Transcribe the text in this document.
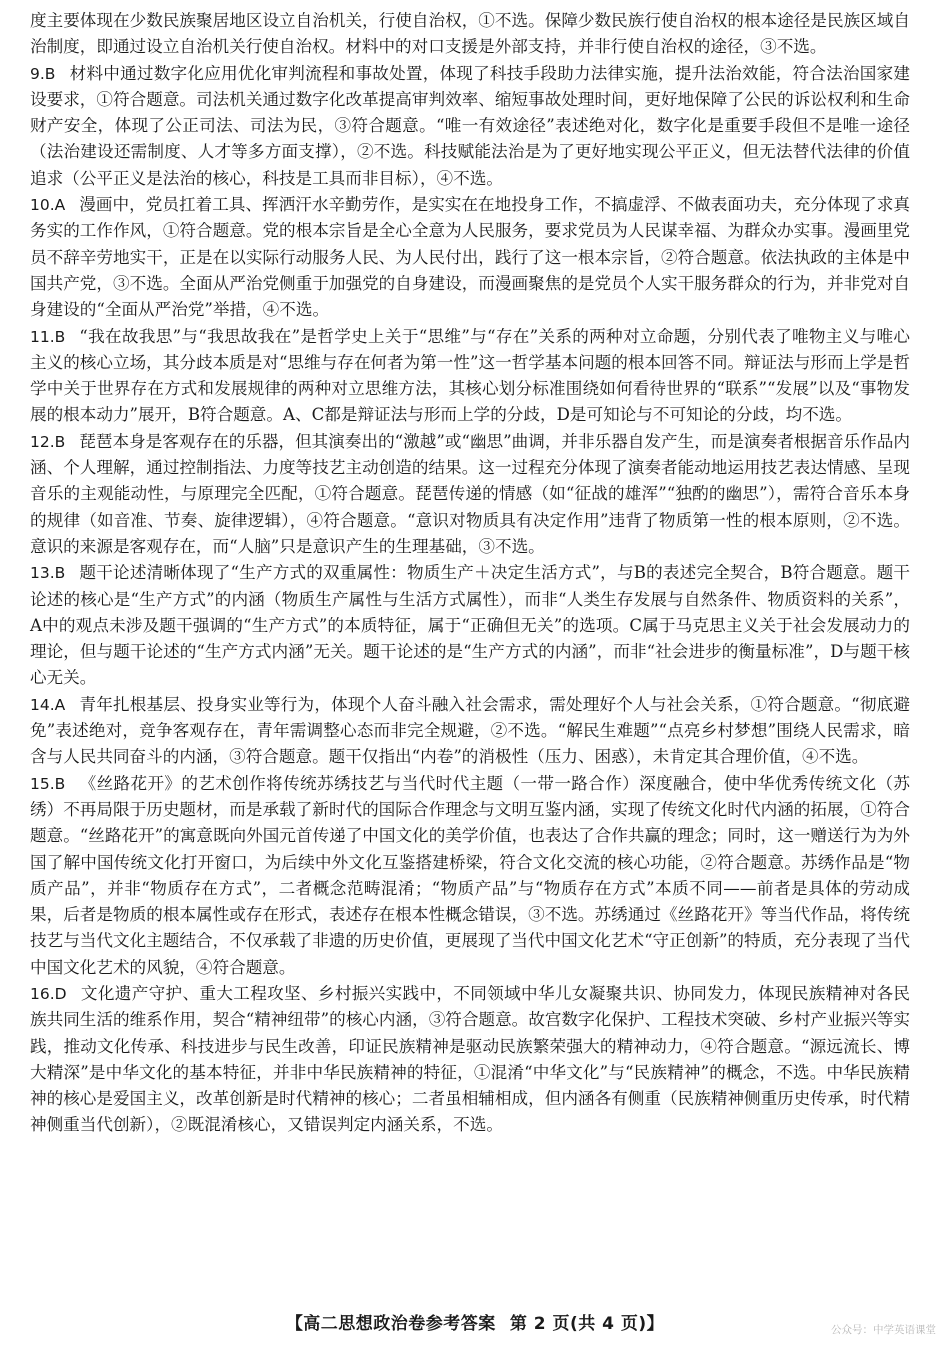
度主要体现在少数民族聚居地区设立自治机关，行使自治权，①不选。保障少数民族行使自治权的根本途径是民族区域自治制度，即通过设立自治机关行使自治权。材料中的对口支援是外部支持，并非行使自治权的途径，③不选。

9.B 材料中通过数字化应用优化审判流程和事故处置，体现了科技手段助力法律实施，提升法治效能，符合法治国家建设要求，①符合题意。司法机关通过数字化改革提高审判效率、缩短事故处理时间，更好地保障了公民的诉讼权利和生命财产安全，体现了公正司法、司法为民，③符合题意。“唯一有效途径”表述绝对化，数字化是重要手段但不是唯一途径（法治建设还需制度、人才等多方面支撑），②不选。科技赋能法治是为了更好地实现公平正义，但无法替代法律的价值追求（公平正义是法治的核心，科技是工具而非目标），④不选。

10.A 漫画中，党员扛着工具、挥洒汗水辛勤劳作，是实实在在地投身工作，不搞虚浮、不做表面功夫，充分体现了求真务实的工作作风，①符合题意。党的根本宗旨是全心全意为人民服务，要求党员为人民谋幸福、为群众办实事。漫画里党员不辞辛劳地实干，正是在以实际行动服务人民、为人民付出，践行了这一根本宗旨，②符合题意。依法执政的主体是中国共产党，③不选。全面从严治党侧重于加强党的自身建设，而漫画聚焦的是党员个人实干服务群众的行为，并非党对自身建设的“全面从严治党”举措，④不选。

11.B “我在故我思”与“我思故我在”是哲学史上关于“思维”与“存在”关系的两种对立命题，分别代表了唯物主义与唯心主义的核心立场，其分歧本质是对“思维与存在何者为第一性”这一哲学基本问题的根本回答不同。辩证法与形而上学是哲学中关于世界存在方式和发展规律的两种对立思维方法，其核心划分标准围绕如何看待世界的“联系”“发展”以及“事物发展的根本动力”展开，B符合题意。A、C都是辩证法与形而上学的分歧，D是可知论与不可知论的分歧，均不选。

12.B 琵琶本身是客观存在的乐器，但其演奏出的“激越”或“幽思”曲调，并非乐器自发产生，而是演奏者根据音乐作品内涵、个人理解，通过控制指法、力度等技艺主动创造的结果。这一过程充分体现了演奏者能动地运用技艺表达情感、呈现音乐的主观能动性，与原理完全匹配，①符合题意。琵琶传递的情感（如“征战的雄浑”“独酌的幽思”），需符合音乐本身的规律（如音准、节奏、旋律逻辑），④符合题意。“意识对物质具有决定作用”违背了物质第一性的根本原则，②不选。意识的来源是客观存在，而“人脑”只是意识产生的生理基础，③不选。

13.B 题干论述清晰体现了“生产方式的双重属性：物质生产＋决定生活方式”，与B的表述完全契合，B符合题意。题干论述的核心是“生产方式”的内涵（物质生产属性与生活方式属性），而非“人类生存发展与自然条件、物质资料的关系”，A中的观点未涉及题干强调的“生产方式”的本质特征，属于“正确但无关”的选项。C属于马克思主义关于社会发展动力的理论，但与题干论述的“生产方式内涵”无关。题干论述的是“生产方式的内涵”，而非“社会进步的衡量标准”，D与题干核心无关。

14.A 青年扎根基层、投身实业等行为，体现个人奋斗融入社会需求，需处理好个人与社会关系，①符合题意。“彻底避免”表述绝对，竞争客观存在，青年需调整心态而非完全规避，②不选。“解民生难题”“点亮乡村梦想”围绕人民需求，暗含与人民共同奋斗的内涵，③符合题意。题干仅指出“内卷”的消极性（压力、困惑），未肯定其合理价值，④不选。

15.B 《丝路花开》的艺术创作将传统苏绣技艺与当代时代主题（一带一路合作）深度融合，使中华优秀传统文化（苏绣）不再局限于历史题材，而是承载了新时代的国际合作理念与文明互鉴内涵，实现了传统文化时代内涵的拓展，①符合题意。“丝路花开”的寓意既向外国元首传递了中国文化的美学价值，也表达了合作共赢的理念；同时，这一赠送行为为外国了解中国传统文化打开窗口，为后续中外文化互鉴搭建桥梁，符合文化交流的核心功能，②符合题意。苏绣作品是“物质产品”，并非“物质存在方式”，二者概念范畴混淆；“物质产品”与“物质存在方式”本质不同——前者是具体的劳动成果，后者是物质的根本属性或存在形式，表述存在根本性概念错误，③不选。苏绣通过《丝路花开》等当代作品，将传统技艺与当代文化主题结合，不仅承载了非遗的历史价值，更展现了当代中国文化艺术“守正创新”的特质，充分表现了当代中国文化艺术的风貌，④符合题意。

16.D 文化遗产守护、重大工程攻坚、乡村振兴实践中，不同领域中华儿女凝聚共识、协同发力，体现民族精神对各民族共同生活的维系作用，契合“精神纽带”的核心内涵，③符合题意。故宫数字化保护、工程技术突破、乡村产业振兴等实践，推动文化传承、科技进步与民生改善，印证民族精神是驱动民族繁荣强大的精神动力，④符合题意。“源远流长、博大精深”是中华文化的基本特征，并非中华民族精神的特征，①混淆“中华文化”与“民族精神”的概念，不选。中华民族精神的核心是爱国主义，改革创新是时代精神的核心；二者虽相辅相成，但内涵各有侧重（民族精神侧重历史传承，时代精神侧重当代创新），②既混淆核心，又错误判定内涵关系，不选。

【高二思想政治卷参考答案 第 2 页(共 4 页)】	公众号：中学英语课堂
